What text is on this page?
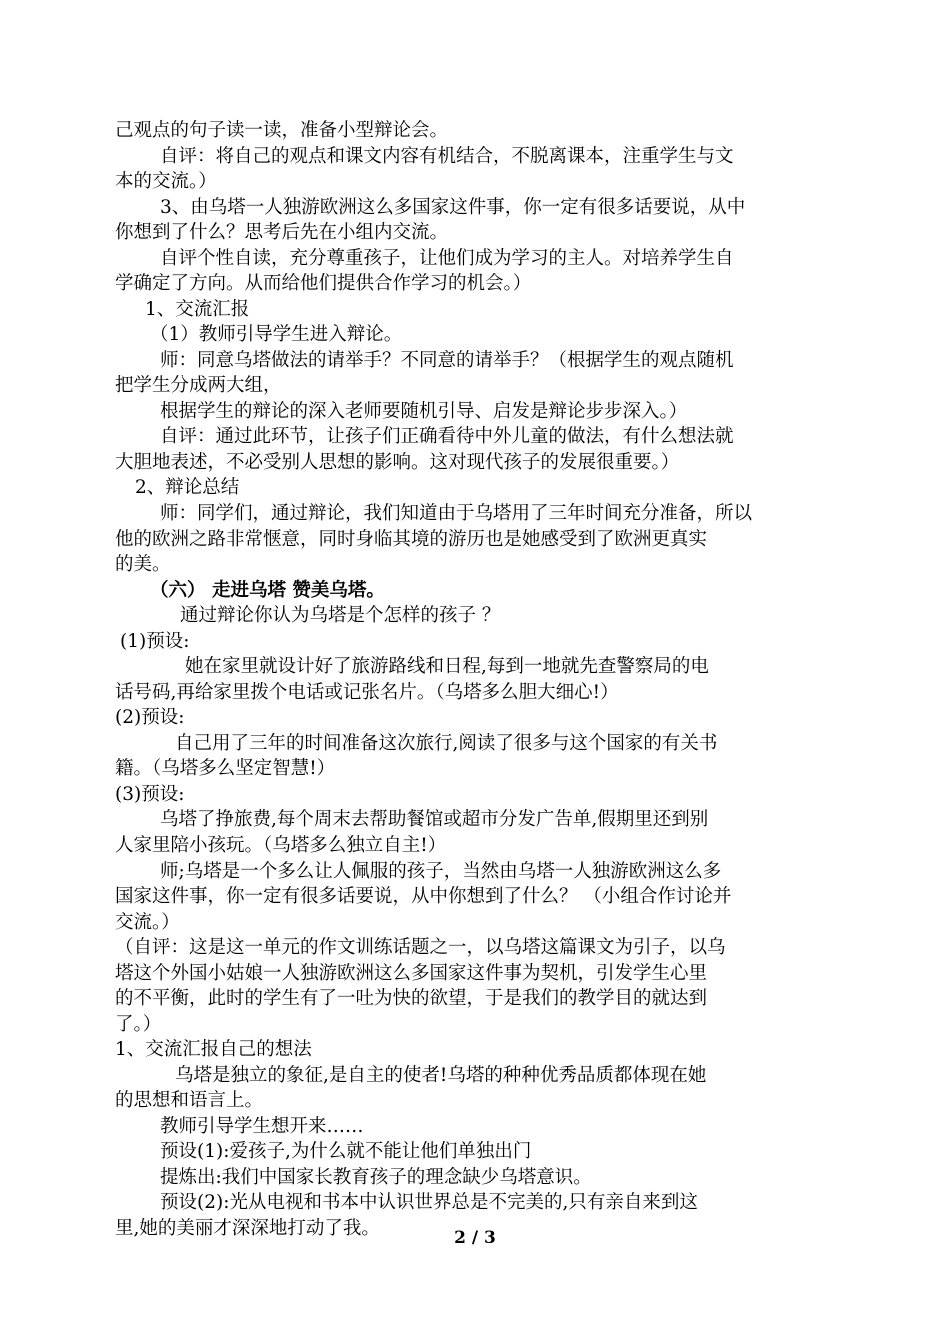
己观点的句子读一读，准备小型辩论会。
自评：将自己的观点和课文内容有机结合，不脱离课本，注重学生与文
本的交流。）
3、由乌塔一人独游欧洲这么多国家这件事，你一定有很多话要说，从中
你想到了什么？思考后先在小组内交流。
自评个性自读，充分尊重孩子，让他们成为学习的主人。对培养学生自
学确定了方向。从而给他们提供合作学习的机会。）
1、交流汇报
（1）教师引导学生进入辩论。
师：同意乌塔做法的请举手？不同意的请举手？（根据学生的观点随机
把学生分成两大组，
根据学生的辩论的深入老师要随机引导、启发是辩论步步深入。）
自评：通过此环节，让孩子们正确看待中外儿童的做法，有什么想法就
大胆地表述，不必受别人思想的影响。这对现代孩子的发展很重要。）
2、辩论总结
师：同学们，通过辩论，我们知道由于乌塔用了三年时间充分准备，所以
他的欧洲之路非常惬意，同时身临其境的游历也是她感受到了欧洲更真实
的美。
（六） 走进乌塔 赞美乌塔。
通过辩论你认为乌塔是个怎样的孩子 ？
(1)预设:
她在家里就设计好了旅游路线和日程,每到一地就先查警察局的电
话号码,再给家里拨个电话或记张名片。（乌塔多么胆大细心!）
(2)预设:
自己用了三年的时间准备这次旅行,阅读了很多与这个国家的有关书
籍。（乌塔多么坚定智慧!）
(3)预设:
乌塔了挣旅费,每个周末去帮助餐馆或超市分发广告单,假期里还到别
人家里陪小孩玩。（乌塔多么独立自主!）
师;乌塔是一个多么让人佩服的孩子，当然由乌塔一人独游欧洲这么多
国家这件事，你一定有很多话要说，从中你想到了什么？ （小组合作讨论并
交流。）
（自评：这是这一单元的作文训练话题之一，以乌塔这篇课文为引子，以乌
塔这个外国小姑娘一人独游欧洲这么多国家这件事为契机，引发学生心里
的不平衡，此时的学生有了一吐为快的欲望，于是我们的教学目的就达到
了。）
1、交流汇报自己的想法
乌塔是独立的象征,是自主的使者!乌塔的种种优秀品质都体现在她
的思想和语言上。
教师引导学生想开来……
预设(1):爱孩子,为什么就不能让他们单独出门
提炼出:我们中国家长教育孩子的理念缺少乌塔意识。
预设(2):光从电视和书本中认识世界总是不完美的,只有亲自来到这
里,她的美丽才深深地打动了我。	2 / 3
